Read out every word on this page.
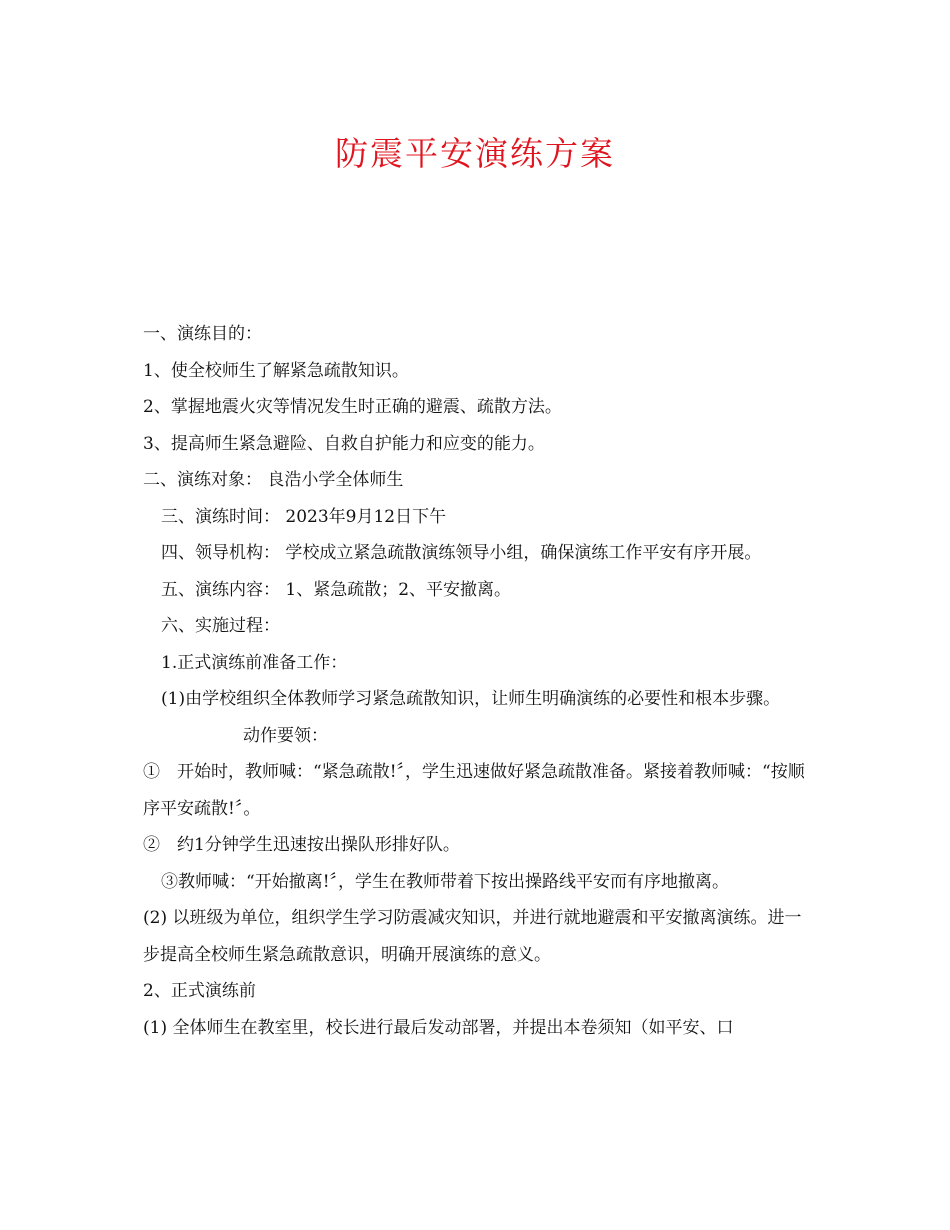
防震平安演练方案

一、演练目的：

1、使全校师生了解紧急疏散知识。

2、掌握地震火灾等情况发生时正确的避震、疏散方法。

3、提高师生紧急避险、自救自护能力和应变的能力。

二、演练对象： 良浩小学全体师生

三、演练时间： 2023年9月12日下午

四、领导机构： 学校成立紧急疏散演练领导小组，确保演练工作平安有序开展。

五、演练内容： 1、紧急疏散；2、平安撤离。

六、实施过程：

1.正式演练前准备工作：

(1)由学校组织全体教师学习紧急疏散知识，让师生明确演练的必要性和根本步骤。

动作要领：

①　开始时，教师喊：“紧急疏散!〞，学生迅速做好紧急疏散准备。紧接着教师喊：“按顺序平安疏散!〞。

②　约1分钟学生迅速按出操队形排好队。

③教师喊：“开始撤离!〞，学生在教师带着下按出操路线平安而有序地撤离。

(2) 以班级为单位，组织学生学习防震减灾知识，并进行就地避震和平安撤离演练。进一步提高全校师生紧急疏散意识，明确开展演练的意义。

2、正式演练前

(1) 全体师生在教室里，校长进行最后发动部署，并提出本卷须知（如平安、口
